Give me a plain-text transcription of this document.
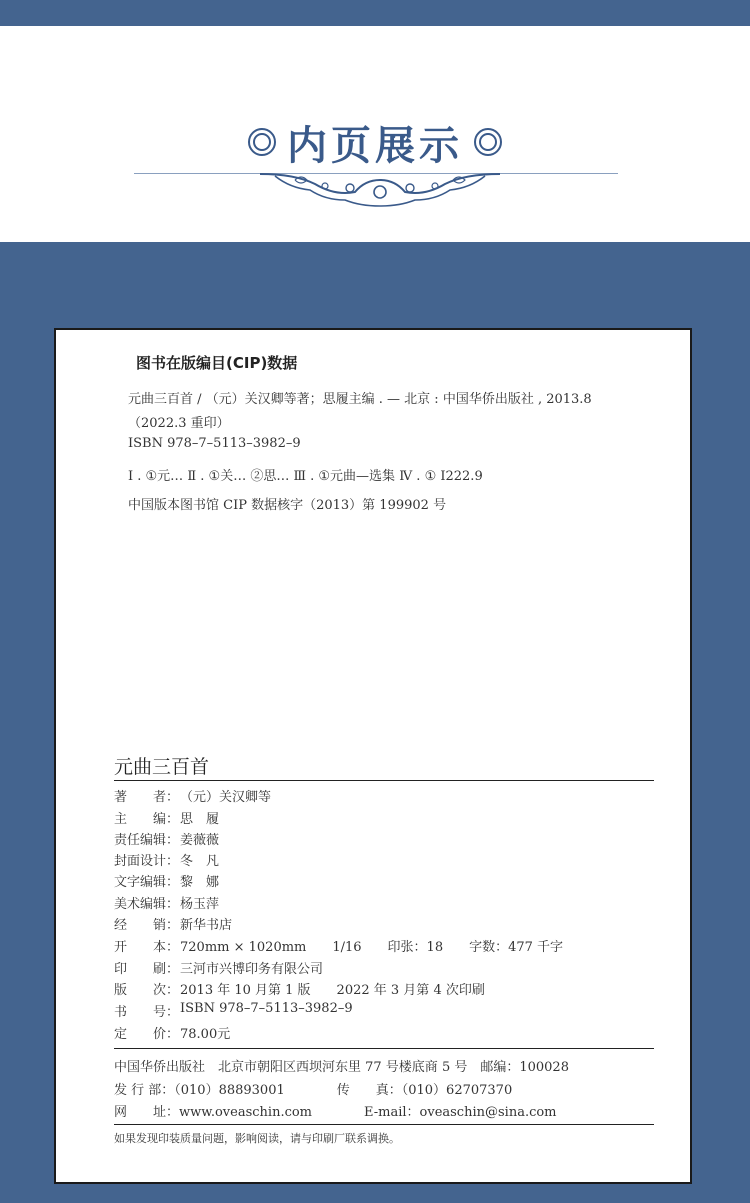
内页展示
图书在版编目(CIP)数据
元曲三百首 / （元）关汉卿等著；思履主编 . — 北京 : 中国华侨出版社 , 2013.8
（2022.3 重印）
ISBN 978–7–5113–3982–9
Ⅰ . ①元… Ⅱ . ①关… ②思… Ⅲ . ①元曲—选集 Ⅳ . ① I222.9
中国版本图书馆 CIP 数据核字（2013）第 199902 号
元曲三百首
著　　者： （元）关汉卿等
主　　编： 思　履
责任编辑： 姜薇薇
封面设计： 冬　凡
文字编辑： 黎　娜
美术编辑： 杨玉萍
经　　销： 新华书店
开　　本： 720mm × 1020mm　　1/16　　印张：18　　字数：477 千字
印　　刷： 三河市兴博印务有限公司
版　　次： 2013 年 10 月第 1 版　　2022 年 3 月第 4 次印刷
书　　号： ISBN 978–7–5113–3982–9
定　　价： 78.00元
中国华侨出版社　北京市朝阳区西坝河东里 77 号楼底商 5 号　邮编：100028
发 行 部：（010）88893001　　　　传　　真：（010）62707370
网　　址：www.oveaschin.com　　　　E-mail：oveaschin@sina.com
如果发现印装质量问题，影响阅读，请与印刷厂联系调换。
